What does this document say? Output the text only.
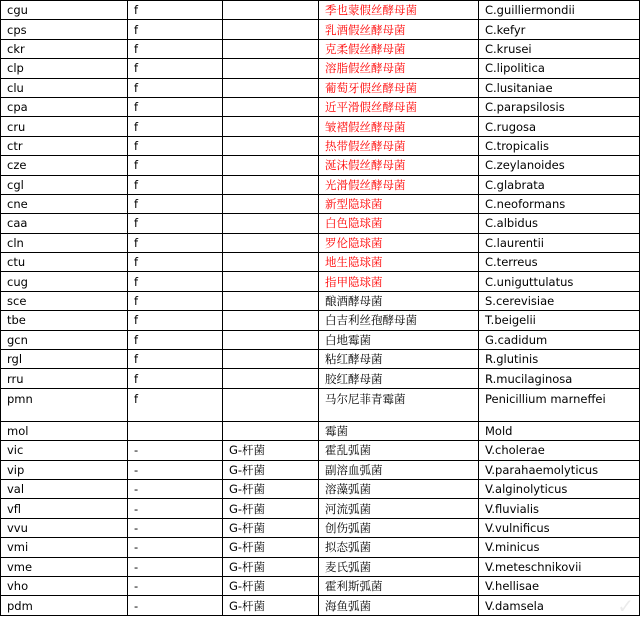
cgu	f		季也蒙假丝酵母菌	C.guilliermondii
cps	f		乳酒假丝酵母菌	C.kefyr
ckr	f		克柔假丝酵母菌	C.krusei
clp	f		溶脂假丝酵母菌	C.lipolitica
clu	f		葡萄牙假丝酵母菌	C.lusitaniae
cpa	f		近平滑假丝酵母菌	C.parapsilosis
cru	f		皱褶假丝酵母菌	C.rugosa
ctr	f		热带假丝酵母菌	C.tropicalis
cze	f		涎沫假丝酵母菌	C.zeylanoides
cgl	f		光滑假丝酵母菌	C.glabrata
cne	f		新型隐球菌	C.neoformans
caa	f		白色隐球菌	C.albidus
cln	f		罗伦隐球菌	C.laurentii
ctu	f		地生隐球菌	C.terreus
cug	f		指甲隐球菌	C.uniguttulatus
sce	f		酿酒酵母菌	S.cerevisiae
tbe	f		白吉利丝孢酵母菌	T.beigelii
gcn	f		白地霉菌	G.cadidum
rgl	f		粘红酵母菌	R.glutinis
rru	f		胶红酵母菌	R.mucilaginosa
pmn	f		马尔尼菲青霉菌	Penicillium marneffei
mol			霉菌	Mold
vic	-	G-杆菌	霍乱弧菌	V.cholerae
vip	-	G-杆菌	副溶血弧菌	V.parahaemolyticus
val	-	G-杆菌	溶藻弧菌	V.alginolyticus
vfl	-	G-杆菌	河流弧菌	V.fluvialis
vvu	-	G-杆菌	创伤弧菌	V.vulnificus
vmi	-	G-杆菌	拟态弧菌	V.minicus
vme	-	G-杆菌	麦氏弧菌	V.meteschnikovii
vho	-	G-杆菌	霍利斯弧菌	V.hellisae
pdm	-	G-杆菌	海鱼弧菌	V.damsela	✓
